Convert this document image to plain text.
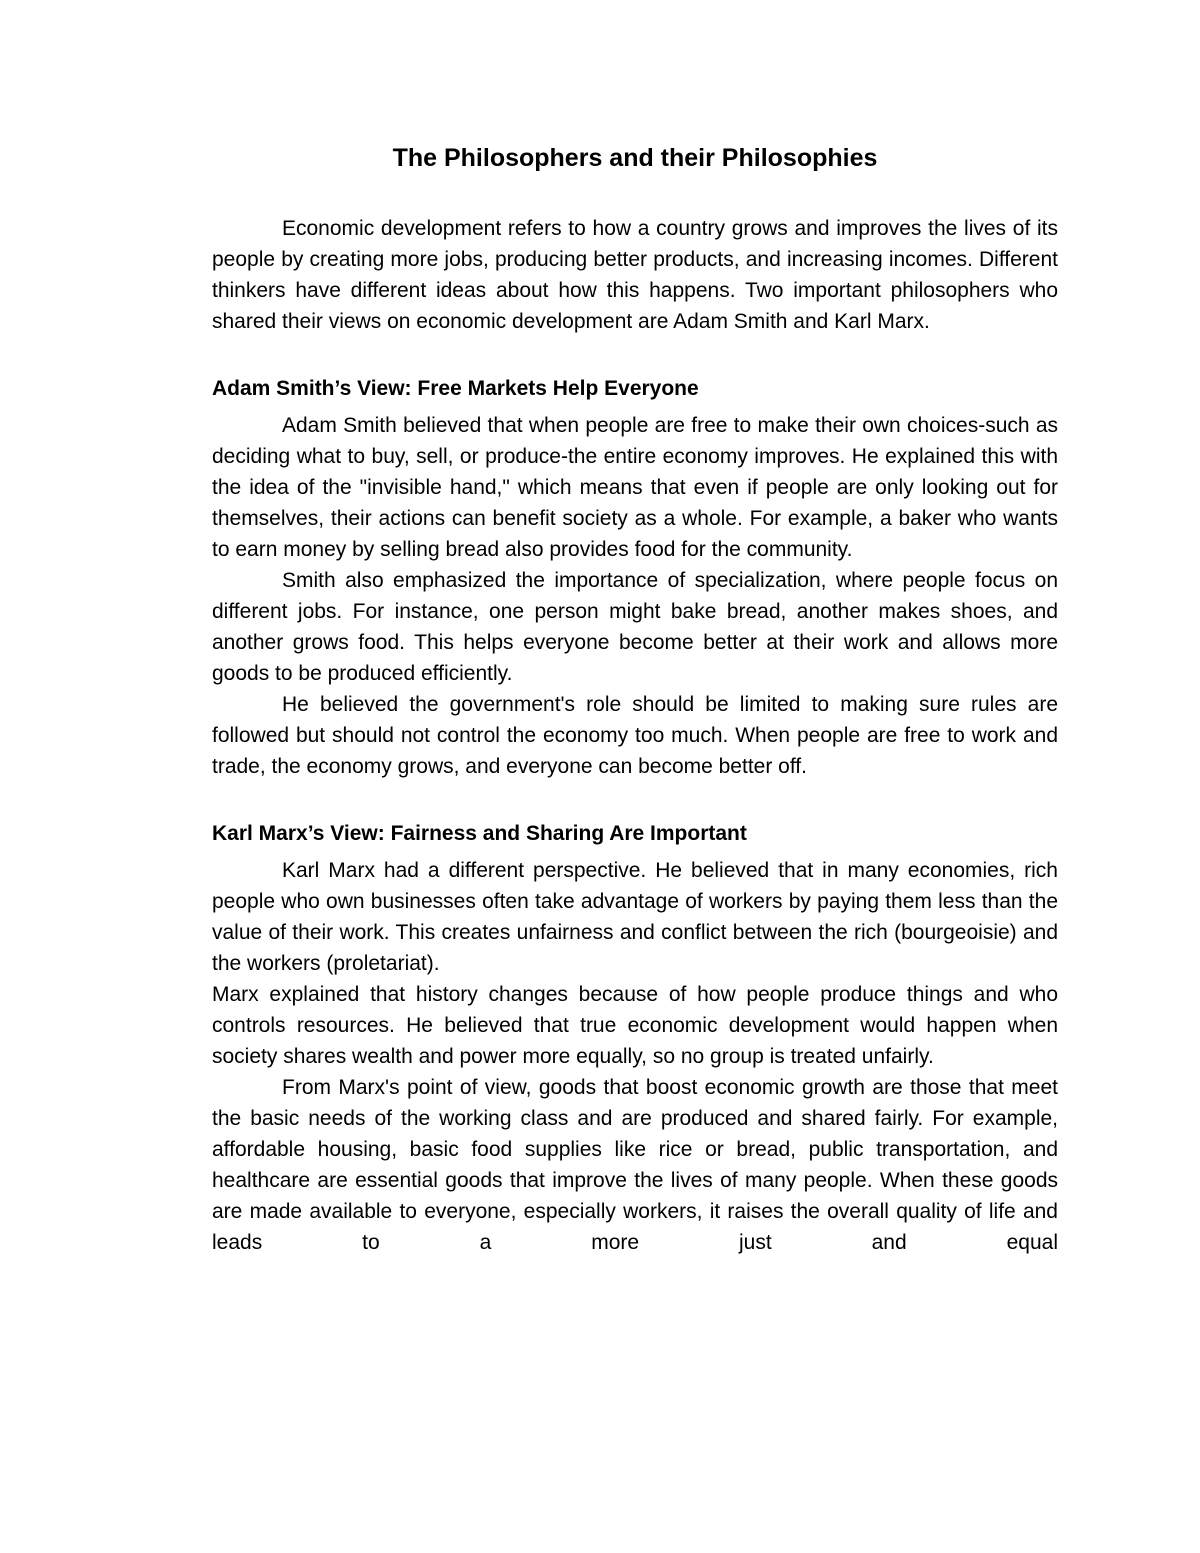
The Philosophers and their Philosophies

Economic development refers to how a country grows and improves the lives of its people by creating more jobs, producing better products, and increasing incomes. Different thinkers have different ideas about how this happens. Two important philosophers who shared their views on economic development are Adam Smith and Karl Marx.

Adam Smith’s View: Free Markets Help Everyone

Adam Smith believed that when people are free to make their own choices-such as deciding what to buy, sell, or produce-the entire economy improves. He explained this with the idea of the "invisible hand," which means that even if people are only looking out for themselves, their actions can benefit society as a whole. For example, a baker who wants to earn money by selling bread also provides food for the community.

Smith also emphasized the importance of specialization, where people focus on different jobs. For instance, one person might bake bread, another makes shoes, and another grows food. This helps everyone become better at their work and allows more goods to be produced efficiently.

He believed the government's role should be limited to making sure rules are followed but should not control the economy too much. When people are free to work and trade, the economy grows, and everyone can become better off.

Karl Marx’s View: Fairness and Sharing Are Important

Karl Marx had a different perspective. He believed that in many economies, rich people who own businesses often take advantage of workers by paying them less than the value of their work. This creates unfairness and conflict between the rich (bourgeoisie) and the workers (proletariat).

Marx explained that history changes because of how people produce things and who controls resources. He believed that true economic development would happen when society shares wealth and power more equally, so no group is treated unfairly.

From Marx's point of view, goods that boost economic growth are those that meet the basic needs of the working class and are produced and shared fairly. For example, affordable housing, basic food supplies like rice or bread, public transportation, and healthcare are essential goods that improve the lives of many people. When these goods are made available to everyone, especially workers, it raises the overall quality of life and leads to a more just and equal
